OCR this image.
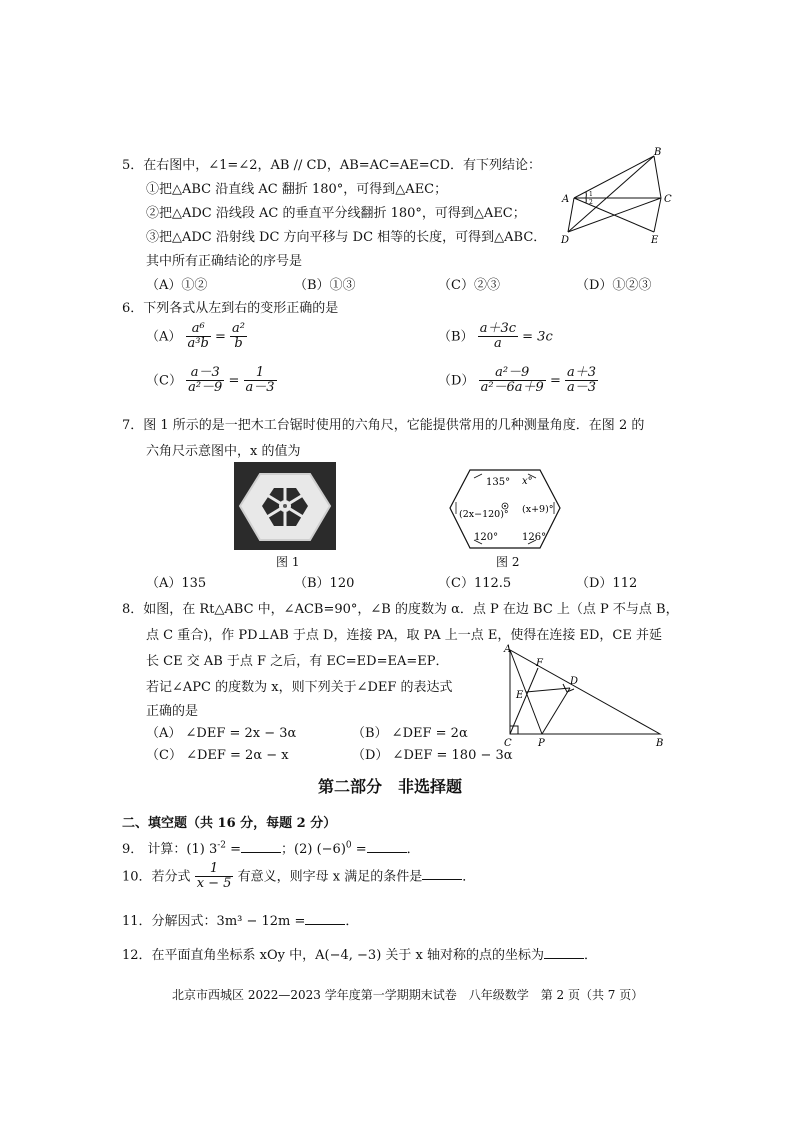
5．在右图中，∠1=∠2，AB // CD，AB=AC=AE=CD．有下列结论：
①把△ABC 沿直线 AC 翻折 180°，可得到△AEC；
②把△ADC 沿线段 AC 的垂直平分线翻折 180°，可得到△AEC；
③把△ADC 沿射线 DC 方向平移与 DC 相等的长度，可得到△ABC．
其中所有正确结论的序号是
（A）①②	（B）①③	（C）②③	（D）①②③
A
B
C
D	E
1
2
6．下列各式从左到右的变形正确的是
$(A) \frac{\text{a⁶}}{\text{a³b}} = \frac{\text{a²}}{b}$	$(B) \frac{a+3c}{a} = 3c$
$(C) \frac{a-3}{\text{a²－9}} = \frac{1}{a-3}$	$(D) \frac{\text{a²－9}}{\text{a²－6a＋9}} = \frac{a+3}{a-3}$
7．图 1 所示的是一把木工台锯时使用的六角尺，它能提供常用的几种测量角度．在图 2 的
六角尺示意图中，x 的值为
图 1
135° x°
(2x−120)° (x+9)°
120° 126°
图 2
（A）135	（B）120	（C）112.5	（D）112
8．如图，在 Rt△ABC 中，∠ACB=90°，∠B 的度数为 α．点 P 在边 BC 上（点 P 不与点 B，
点 C 重合)，作 PD⊥AB 于点 D，连接 PA，取 PA 上一点 E，使得在连接 ED，CE 并延
长 CE 交 AB 于点 F 之后，有 EC=ED=EA=EP．
若记∠APC 的度数为 x，则下列关于∠DEF 的表达式
正确的是
（A） ∠DEF = 2x − 3α	（B） ∠DEF = 2α
（C） ∠DEF = 2α − x	（D） ∠DEF = 180 − 3α
A
F
D
E
C	P	B
第二部分　非选择题
二、填空题（共 16 分，每题 2 分）
9． 计算：(1) $3^{-2}$ =	；(2) $(-6)^0$ =	．
10．若分式 $\frac{1}{x - 5}$ 有意义，则字母 x 满足的条件是	．
11．分解因式：3m³ − 12m =	．
12．在平面直角坐标系 xOy 中，A(−4, −3) 关于 x 轴对称的点的坐标为	．
北京市西城区 2022—2023 学年度第一学期期末试卷　八年级数学　第 2 页（共 7 页）
